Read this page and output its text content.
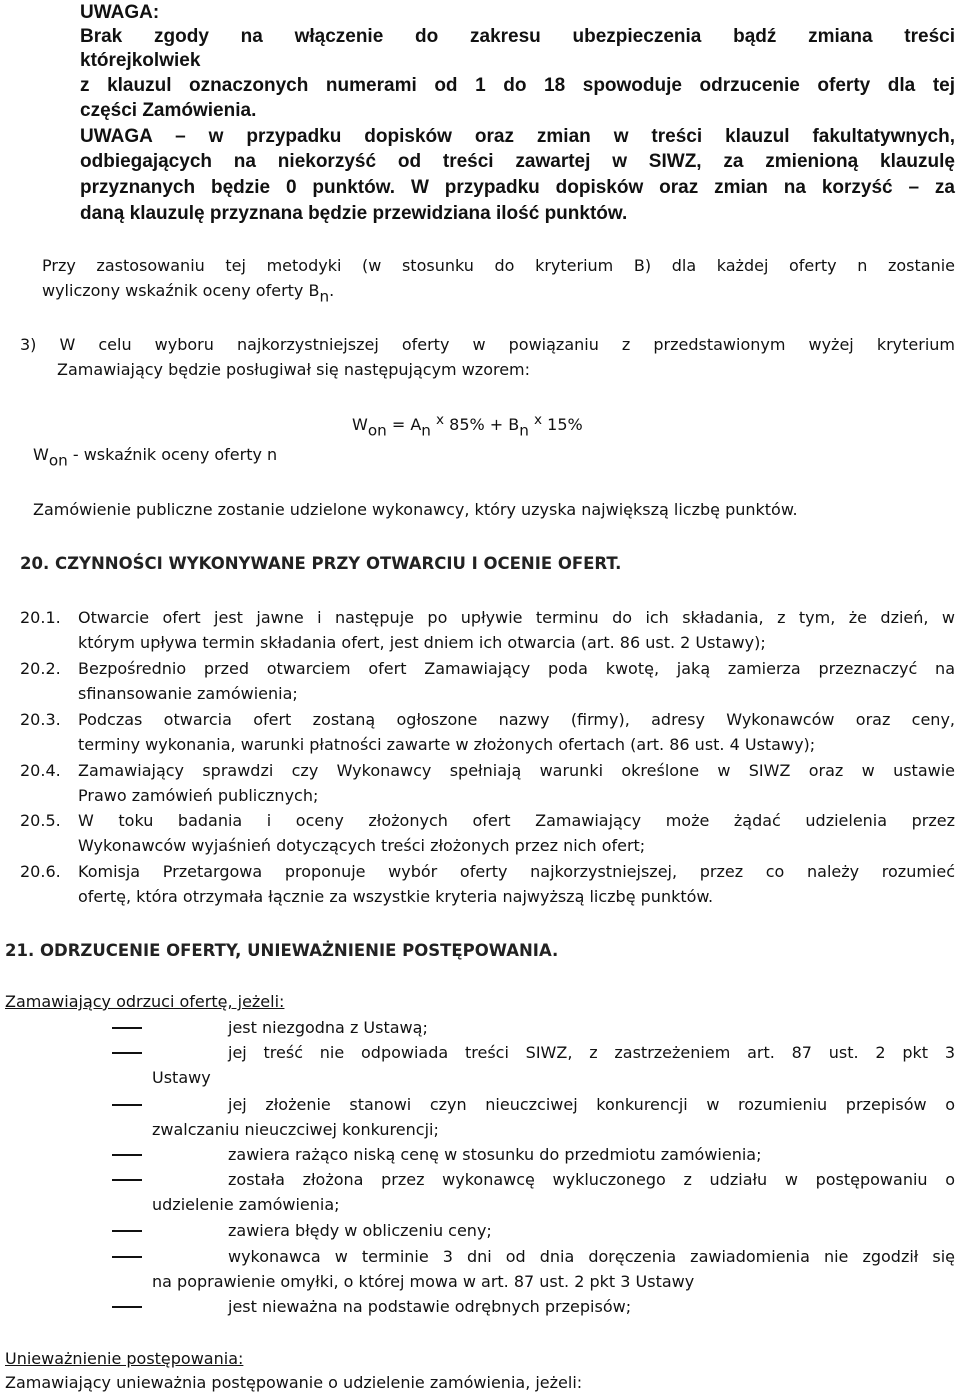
UWAGA:
Brak zgody na włączenie do zakresu ubezpieczenia bądź zmiana treści
którejkolwiek
z klauzul oznaczonych numerami od 1 do 18 spowoduje odrzucenie oferty dla tej
części Zamówienia.
UWAGA – w przypadku dopisków oraz zmian w treści klauzul fakultatywnych,
odbiegających na niekorzyść od treści zawartej w SIWZ, za zmienioną klauzulę
przyznanych będzie 0 punktów. W przypadku dopisków oraz zmian na korzyść – za
daną klauzulę przyznana będzie przewidziana ilość punktów.
Przy zastosowaniu tej metodyki (w stosunku do kryterium B) dla każdej oferty n zostanie
wyliczony wskaźnik oceny oferty $B_n$.
3) W celu wyboru najkorzystniejszej oferty w powiązaniu z przedstawionym wyżej kryterium
Zamawiający będzie posługiwał się następującym wzorem:
$W_{on} = A_n$ $^x$ $85\% + B_n$ $^x$ 15%
$W_{on}$ - wskaźnik oceny oferty n
Zamówienie publiczne zostanie udzielone wykonawcy, który uzyska największą liczbę punktów.
20. CZYNNOŚCI WYKONYWANE PRZY OTWARCIU I OCENIE OFERT.
20.1. Otwarcie ofert jest jawne i następuje po upływie terminu do ich składania, z tym, że dzień, w
którym upływa termin składania ofert, jest dniem ich otwarcia (art. 86 ust. 2 Ustawy);
20.2. Bezpośrednio przed otwarciem ofert Zamawiający poda kwotę, jaką zamierza przeznaczyć na
sfinansowanie zamówienia;
20.3. Podczas otwarcia ofert zostaną ogłoszone nazwy (firmy), adresy Wykonawców oraz ceny,
terminy wykonania, warunki płatności zawarte w złożonych ofertach (art. 86 ust. 4 Ustawy);
20.4. Zamawiający sprawdzi czy Wykonawcy spełniają warunki określone w SIWZ oraz w ustawie
Prawo zamówień publicznych;
20.5. W toku badania i oceny złożonych ofert Zamawiający może żądać udzielenia przez
Wykonawców wyjaśnień dotyczących treści złożonych przez nich ofert;
20.6. Komisja Przetargowa proponuje wybór oferty najkorzystniejszej, przez co należy rozumieć
ofertę, która otrzymała łącznie za wszystkie kryteria najwyższą liczbę punktów.
21. ODRZUCENIE OFERTY, UNIEWAŻNIENIE POSTĘPOWANIA.
Zamawiający odrzuci ofertę, jeżeli:
jest niezgodna z Ustawą;
jej treść nie odpowiada treści SIWZ, z zastrzeżeniem art. 87 ust. 2 pkt 3
Ustawy
jej złożenie stanowi czyn nieuczciwej konkurencji w rozumieniu przepisów o
zwalczaniu nieuczciwej konkurencji;
zawiera rażąco niską cenę w stosunku do przedmiotu zamówienia;
została złożona przez wykonawcę wykluczonego z udziału w postępowaniu o
udzielenie zamówienia;
zawiera błędy w obliczeniu ceny;
wykonawca w terminie 3 dni od dnia doręczenia zawiadomienia nie zgodził się
na poprawienie omyłki, o której mowa w art. 87 ust. 2 pkt 3 Ustawy
jest nieważna na podstawie odrębnych przepisów;
Unieważnienie postępowania:
Zamawiający unieważnia postępowanie o udzielenie zamówienia, jeżeli:
